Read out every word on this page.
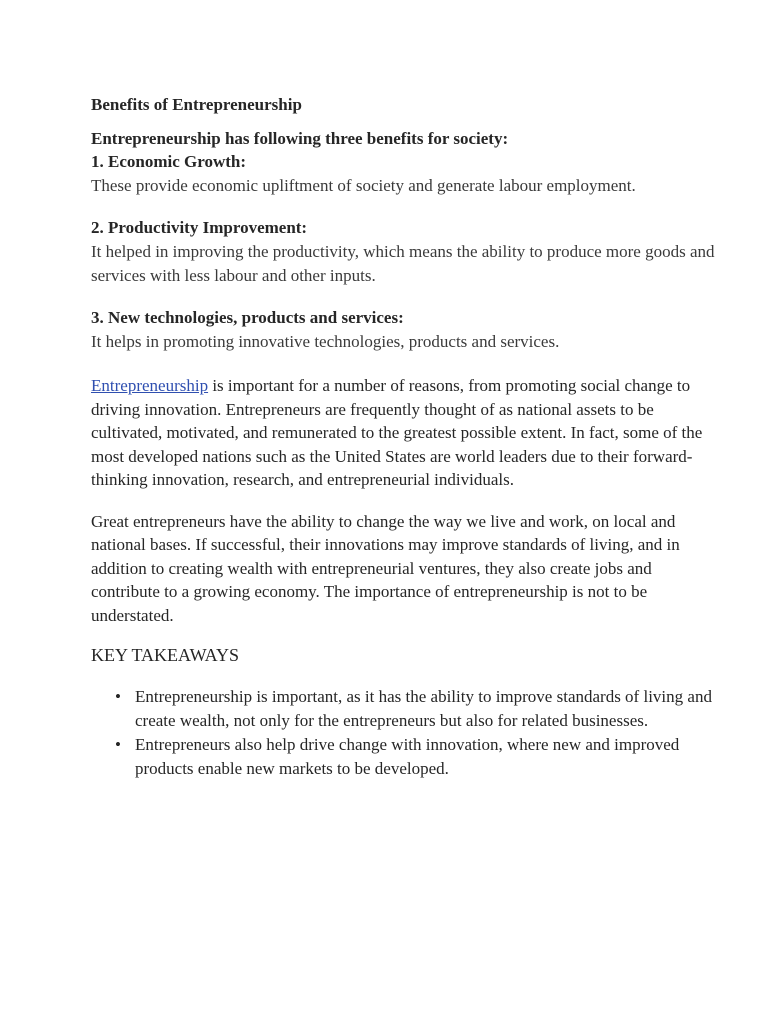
Benefits of Entrepreneurship
Entrepreneurship has following three benefits for society:
1. Economic Growth:
These provide economic upliftment of society and generate labour employment.
2. Productivity Improvement:
It helped in improving the productivity, which means the ability to produce more goods and services with less labour and other inputs.
3. New technologies, products and services:
It helps in promoting innovative technologies, products and services.

Entrepreneurship is important for a number of reasons, from promoting social change to driving innovation. Entrepreneurs are frequently thought of as national assets to be cultivated, motivated, and remunerated to the greatest possible extent. In fact, some of the most developed nations such as the United States are world leaders due to their forward-thinking innovation, research, and entrepreneurial individuals.

Great entrepreneurs have the ability to change the way we live and work, on local and national bases. If successful, their innovations may improve standards of living, and in addition to creating wealth with entrepreneurial ventures, they also create jobs and contribute to a growing economy. The importance of entrepreneurship is not to be understated.

KEY TAKEAWAYS
• Entrepreneurship is important, as it has the ability to improve standards of living and create wealth, not only for the entrepreneurs but also for related businesses.
• Entrepreneurs also help drive change with innovation, where new and improved products enable new markets to be developed.
